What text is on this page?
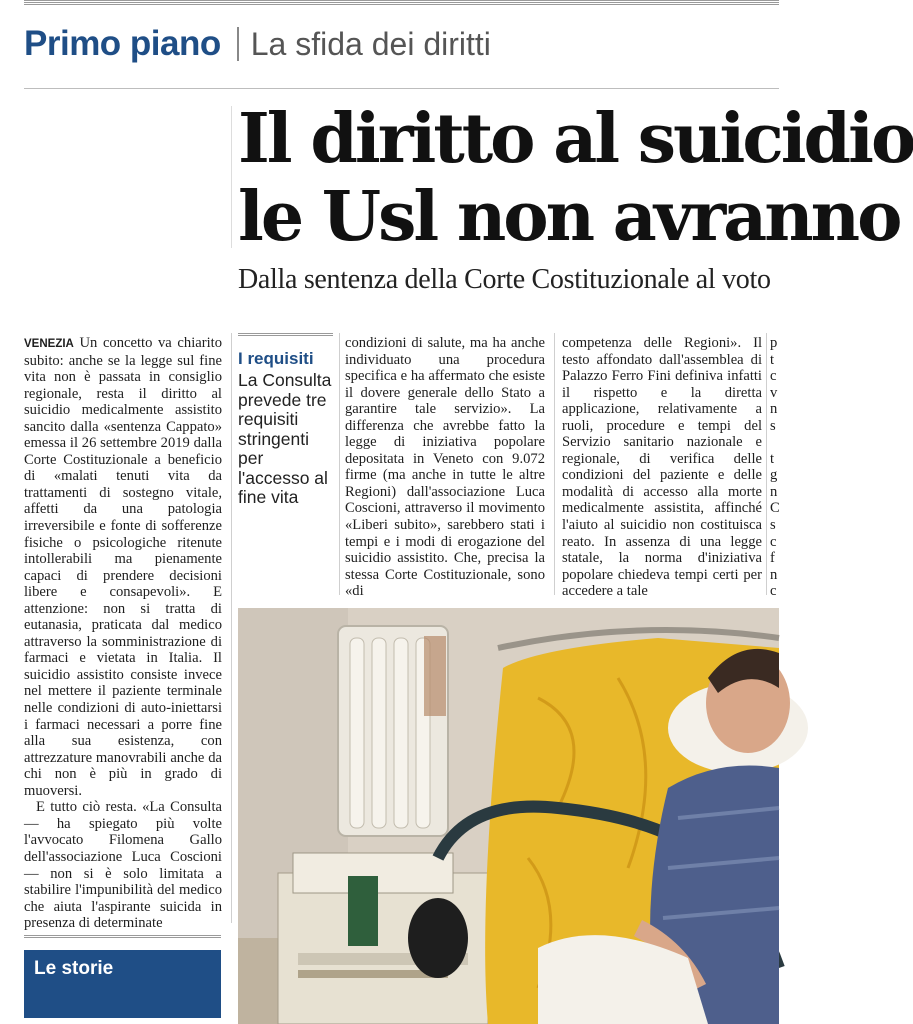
Primo piano La sfida dei diritti
Il diritto al suicidio
le Usl non avranno
Dalla sentenza della Corte Costituzionale al voto

VENEZIA Un concetto va chiarito subito: anche se la legge sul fine vita non è passata in consiglio regionale, resta il diritto al suicidio medicalmente assistito sancito dalla «sentenza Cappato» emessa il 26 settembre 2019 dalla Corte Costituzionale a beneficio di «malati tenuti vita da trattamenti di sostegno vitale, affetti da una patologia irreversibile e fonte di sofferenze fisiche o psicologiche ritenute intollerabili ma pienamente capaci di prendere decisioni libere e consapevoli». E attenzione: non si tratta di eutanasia, praticata dal medico attraverso la somministrazione di farmaci e vietata in Italia. Il suicidio assistito consiste invece nel mettere il paziente terminale nelle condizioni di auto-iniettarsi i farmaci necessari a porre fine alla sua esistenza, con attrezzature manovrabili anche da chi non è più in grado di muoversi.

E tutto ciò resta. «La Consulta — ha spiegato più volte l'avvocato Filomena Gallo dell'associazione Luca Coscioni — non si è solo limitata a stabilire l'impunibilità del medico che aiuta l'aspirante suicida in presenza di determinate

I requisiti
La Consulta prevede tre requisiti stringenti per l'accesso al fine vita

condizioni di salute, ma ha anche individuato una procedura specifica e ha affermato che esiste il dovere generale dello Stato a garantire tale servizio». La differenza che avrebbe fatto la legge di iniziativa popolare depositata in Veneto con 9.072 firme (ma anche in tutte le altre Regioni) dall'associazione Luca Coscioni, attraverso il movimento «Liberi subito», sarebbero stati i tempi e i modi di erogazione del suicidio assistito. Che, precisa la stessa Corte Costituzionale, sono «di

competenza delle Regioni». Il testo affondato dall'assemblea di Palazzo Ferro Fini definiva infatti il rispetto e la diretta applicazione, relativamente a ruoli, procedure e tempi del Servizio sanitario nazionale e regionale, di verifica delle condizioni del paziente e delle modalità di accesso alla morte medicalmente assistita, affinché l'aiuto al suicidio non costituisca reato. In assenza di una legge statale, la norma d'iniziativa popolare chiedeva tempi certi per accedere a tale

p
t
c
v
n
s

t
g
n
C
s
c
f
n
c
Le storie
